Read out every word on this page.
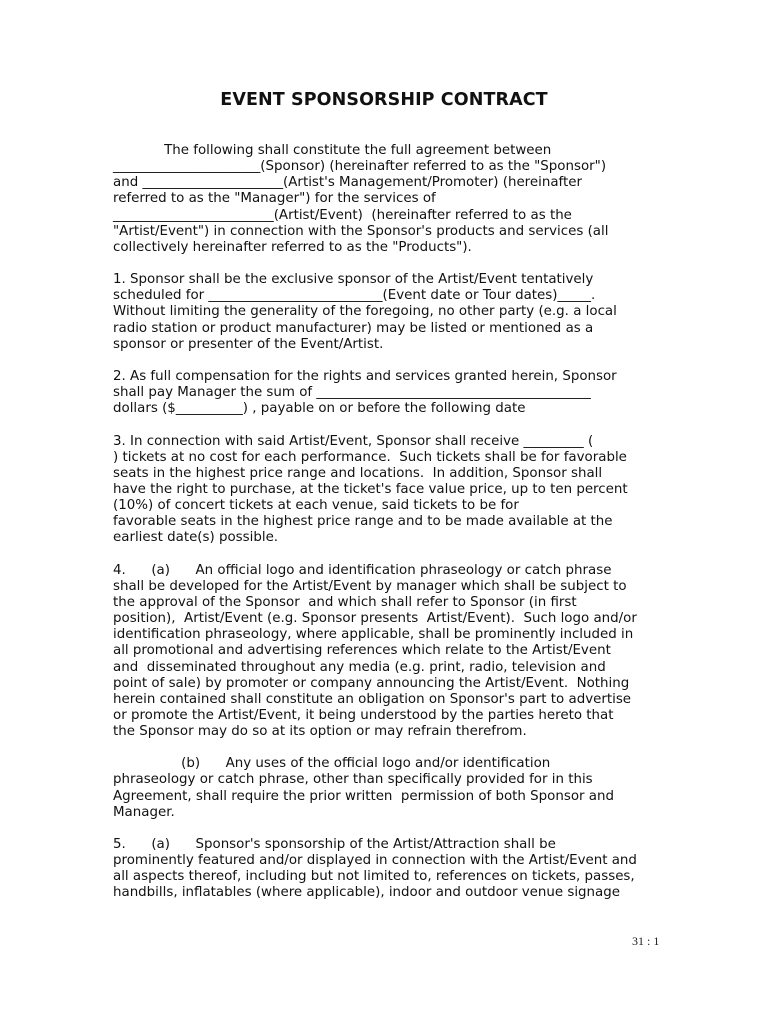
EVENT SPONSORSHIP CONTRACT
The following shall constitute the full agreement between
______________________(Sponsor) (hereinafter referred to as the "Sponsor")
and _____________________(Artist's Management/Promoter) (hereinafter
referred to as the "Manager") for the services of
________________________(Artist/Event)  (hereinafter referred to as the
"Artist/Event") in connection with the Sponsor's products and services (all
collectively hereinafter referred to as the "Products").
1. Sponsor shall be the exclusive sponsor of the Artist/Event tentatively
scheduled for __________________________(Event date or Tour dates)_____.
Without limiting the generality of the foregoing, no other party (e.g. a local
radio station or product manufacturer) may be listed or mentioned as a
sponsor or presenter of the Event/Artist.
2. As full compensation for the rights and services granted herein, Sponsor
shall pay Manager the sum of _________________________________________
dollars ($__________) , payable on or before the following date
3. In connection with said Artist/Event, Sponsor shall receive _________ (
) tickets at no cost for each performance.  Such tickets shall be for favorable
seats in the highest price range and locations.  In addition, Sponsor shall
have the right to purchase, at the ticket's face value price, up to ten percent
(10%) of concert tickets at each venue, said tickets to be for
favorable seats in the highest price range and to be made available at the
earliest date(s) possible.
4.      (a)      An official logo and identification phraseology or catch phrase
shall be developed for the Artist/Event by manager which shall be subject to
the approval of the Sponsor  and which shall refer to Sponsor (in first
position),  Artist/Event (e.g. Sponsor presents  Artist/Event).  Such logo and/or
identification phraseology, where applicable, shall be prominently included in
all promotional and advertising references which relate to the Artist/Event
and  disseminated throughout any media (e.g. print, radio, television and
point of sale) by promoter or company announcing the Artist/Event.  Nothing
herein contained shall constitute an obligation on Sponsor's part to advertise
or promote the Artist/Event, it being understood by the parties hereto that
the Sponsor may do so at its option or may refrain therefrom.
(b)      Any uses of the official logo and/or identification
phraseology or catch phrase, other than specifically provided for in this
Agreement, shall require the prior written  permission of both Sponsor and
Manager.
5.      (a)      Sponsor's sponsorship of the Artist/Attraction shall be
prominently featured and/or displayed in connection with the Artist/Event and
all aspects thereof, including but not limited to, references on tickets, passes,
handbills, inflatables (where applicable), indoor and outdoor venue signage
31 : 1
